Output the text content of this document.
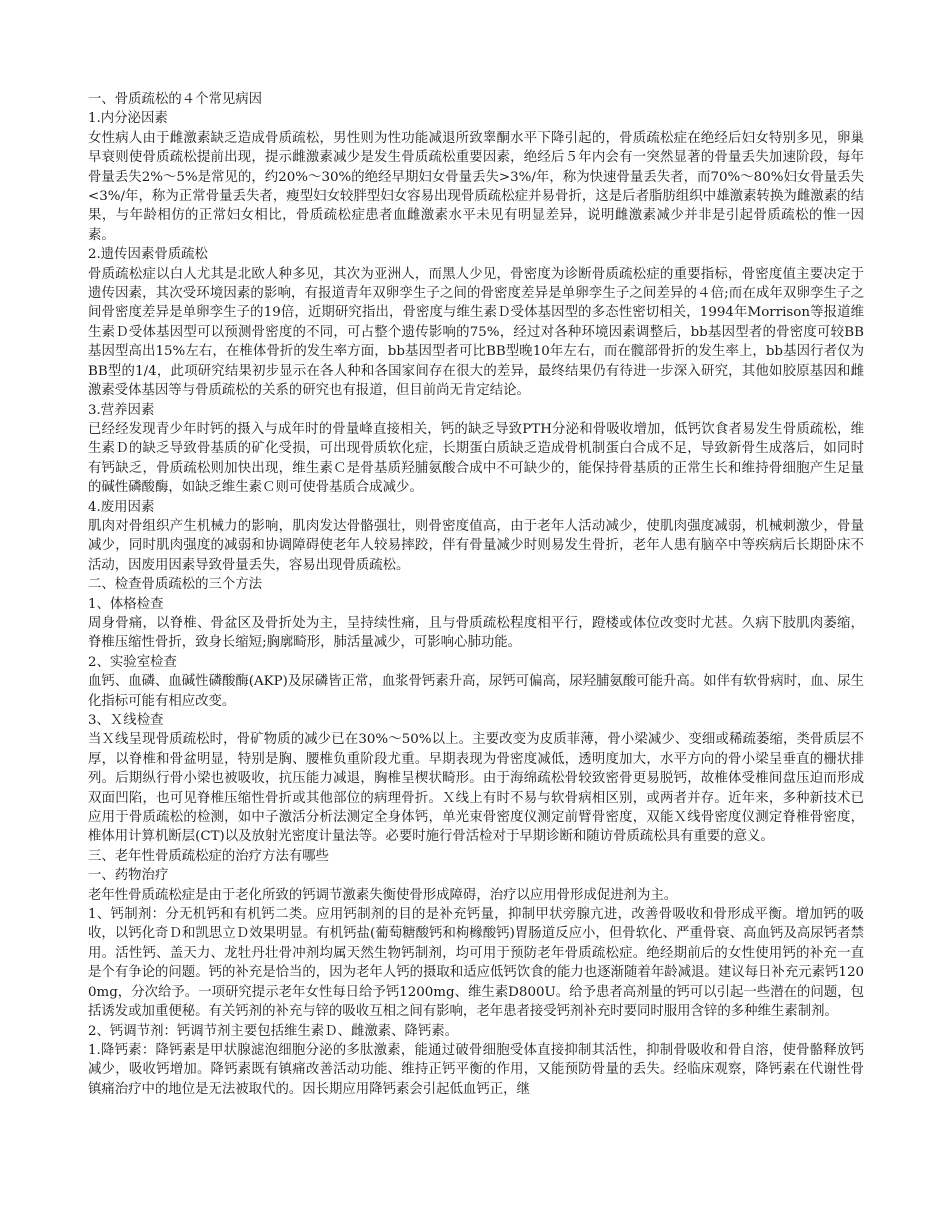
一、骨质疏松的４个常见病因
1.内分泌因素

女性病人由于雌激素缺乏造成骨质疏松，男性则为性功能减退所致睾酮水平下降引起的，骨质疏松症在绝经后妇女特别多见，卵巢早衰则使骨质疏松提前出现，提示雌激素减少是发生骨质疏松重要因素，绝经后５年内会有一突然显著的骨量丢失加速阶段，每年骨量丢失2%～5%是常见的，约20%～30%的绝经早期妇女骨量丢失>3%/年，称为快速骨量丢失者，而70%～80%妇女骨量丢失<3%/年，称为正常骨量丢失者，瘦型妇女较胖型妇女容易出现骨质疏松症并易骨折，这是后者脂肪组织中雄激素转换为雌激素的结果，与年龄相仿的正常妇女相比，骨质疏松症患者血雌激素水平未见有明显差异，说明雌激素减少并非是引起骨质疏松的惟一因素。

2.遗传因素骨质疏松

骨质疏松症以白人尤其是北欧人种多见，其次为亚洲人，而黑人少见，骨密度为诊断骨质疏松症的重要指标，骨密度值主要决定于遗传因素，其次受环境因素的影响，有报道青年双卵孪生子之间的骨密度差异是单卵孪生子之间差异的４倍;而在成年双卵孪生子之间骨密度差异是单卵孪生子的19倍，近期研究指出，骨密度与维生素Ｄ受体基因型的多态性密切相关，1994年Morrison等报道维生素Ｄ受体基因型可以预测骨密度的不同，可占整个遗传影响的75%，经过对各种环境因素调整后，bb基因型者的骨密度可较BB基因型高出15%左右，在椎体骨折的发生率方面，bb基因型者可比BB型晚10年左右，而在髋部骨折的发生率上，bb基因行者仅为BB型的1/4，此项研究结果初步显示在各人种和各国家间存在很大的差异，最终结果仍有待进一步深入研究，其他如胶原基因和雌激素受体基因等与骨质疏松的关系的研究也有报道，但目前尚无肯定结论。

3.营养因素

已经经发现青少年时钙的摄入与成年时的骨量峰直接相关，钙的缺乏导致PTH分泌和骨吸收增加，低钙饮食者易发生骨质疏松，维生素Ｄ的缺乏导致骨基质的矿化受损，可出现骨质软化症，长期蛋白质缺乏造成骨机制蛋白合成不足，导致新骨生成落后，如同时有钙缺乏，骨质疏松则加快出现，维生素Ｃ是骨基质羟脯氨酸合成中不可缺少的，能保持骨基质的正常生长和维持骨细胞产生足量的碱性磷酸酶，如缺乏维生素Ｃ则可使骨基质合成减少。

4.废用因素

肌肉对骨组织产生机械力的影响，肌肉发达骨骼强壮，则骨密度值高，由于老年人活动减少，使肌肉强度减弱，机械刺激少，骨量减少，同时肌肉强度的减弱和协调障碍使老年人较易摔跤，伴有骨量减少时则易发生骨折，老年人患有脑卒中等疾病后长期卧床不活动，因废用因素导致骨量丢失，容易出现骨质疏松。

二、检查骨质疏松的三个方法
1、体格检查

周身骨痛，以脊椎、骨盆区及骨折处为主，呈持续性痛，且与骨质疏松程度相平行，蹬楼或体位改变时尤甚。久病下肢肌肉萎缩，脊椎压缩性骨折，致身长缩短;胸廓畸形，肺活量减少，可影响心肺功能。

2、实验室检查

血钙、血磷、血碱性磷酸酶(AKP)及尿磷皆正常，血浆骨钙素升高，尿钙可偏高，尿羟脯氨酸可能升高。如伴有软骨病时，血、尿生化指标可能有相应改变。

3、Ｘ线检查

当Ｘ线呈现骨质疏松时，骨矿物质的减少已在30%～50%以上。主要改变为皮质菲薄，骨小梁减少、变细或稀疏萎缩，类骨质层不厚，以脊椎和骨盆明显，特别是胸、腰椎负重阶段尤重。早期表现为骨密度减低，透明度加大，水平方向的骨小梁呈垂直的栅状排列。后期纵行骨小梁也被吸收，抗压能力减退，胸椎呈楔状畸形。由于海绵疏松骨较致密骨更易脱钙，故椎体受椎间盘压迫而形成双面凹陷，也可见脊椎压缩性骨折或其他部位的病理骨折。Ｘ线上有时不易与软骨病相区别，或两者并存。近年来，多种新技术已应用于骨质疏松的检测，如中子激活分析法测定全身体钙，单光束骨密度仪测定前臂骨密度，双能Ｘ线骨密度仪测定脊椎骨密度，椎体用计算机断层(CT)以及放射光密度计量法等。必要时施行骨活检对于早期诊断和随访骨质疏松具有重要的意义。

三、老年性骨质疏松症的治疗方法有哪些
一、药物治疗

老年性骨质疏松症是由于老化所致的钙调节激素失衡使骨形成障碍，治疗以应用骨形成促进剂为主。

1、钙制剂：分无机钙和有机钙二类。应用钙制剂的目的是补充钙量，抑制甲状旁腺亢进，改善骨吸收和骨形成平衡。增加钙的吸收，以钙化奇Ｄ和凯思立Ｄ效果明显。有机钙盐(葡萄糖酸钙和枸橼酸钙)胃肠道反应小，但骨软化、严重骨衰、高血钙及高尿钙者禁用。活性钙、盖天力、龙牡丹壮骨冲剂均属天然生物钙制剂，均可用于预防老年骨质疏松症。绝经期前后的女性使用钙的补充一直是个有争论的问题。钙的补充是恰当的，因为老年人钙的摄取和适应低钙饮食的能力也逐渐随着年龄减退。建议每日补充元素钙1200mg，分次给予。一项研究提示老年女性每日给予钙1200mg、维生素D800U。给予患者高剂量的钙可以引起一些潜在的问题，包括诱发或加重便秘。有关钙剂的补充与锌的吸收互相之间有影响，老年患者接受钙剂补充时要同时服用含锌的多种维生素制剂。

2、钙调节剂：钙调节剂主要包括维生素Ｄ、雌激素、降钙素。

1.降钙素：降钙素是甲状腺滤泡细胞分泌的多肽激素，能通过破骨细胞受体直接抑制其活性，抑制骨吸收和骨自溶，使骨骼释放钙减少，吸收钙增加。降钙素既有镇痛改善活动功能、维持正钙平衡的作用，又能预防骨量的丢失。经临床观察，降钙素在代谢性骨镇痛治疗中的地位是无法被取代的。因长期应用降钙素会引起低血钙正，继
